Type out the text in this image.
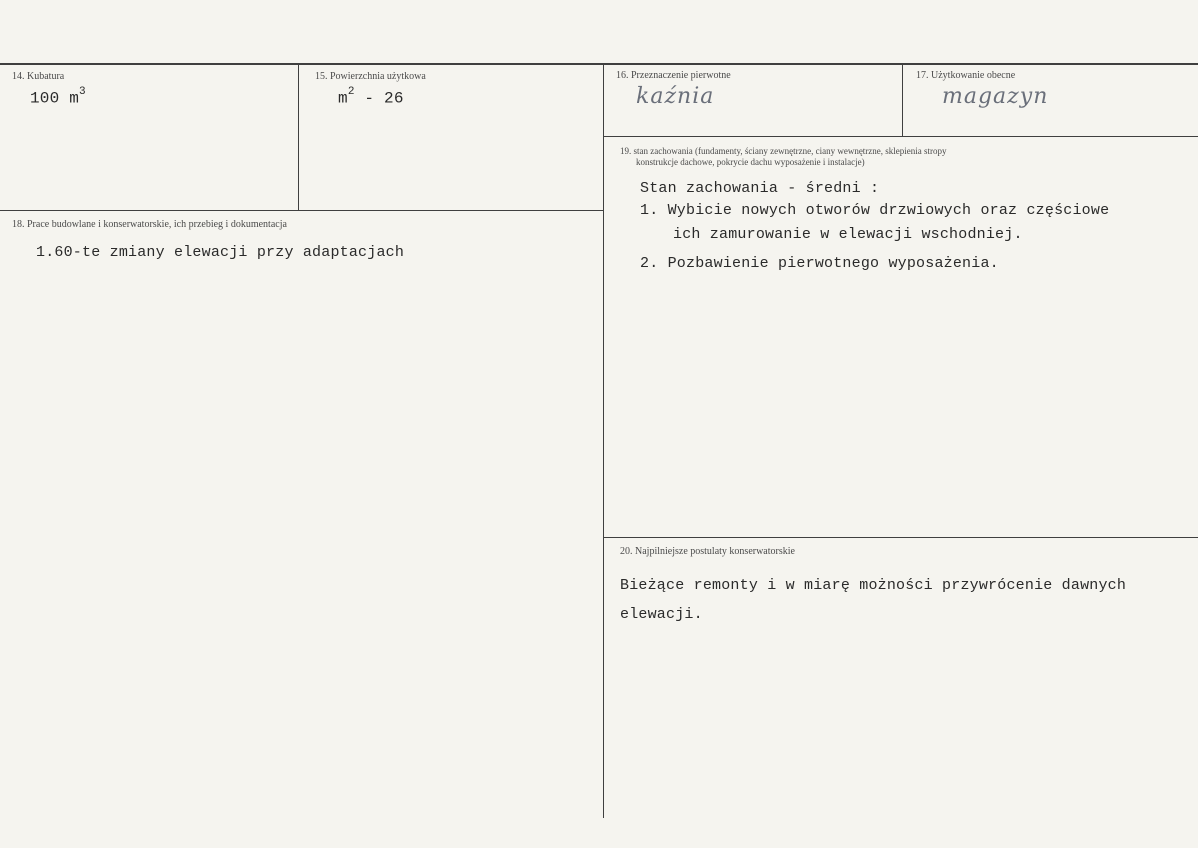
14. Kubatura
100 $m^3$
15. Powierzchnia użytkowa
$m^2 - 26$
16. Przeznaczenie pierwotne
kaźnia
17. Użytkowanie obecne
magazyn
18. Prace budowlane i konserwatorskie, ich przebieg i dokumentacja
1.60-te zmiany elewacji przy adaptacjach
19. stan zachowania (fundamenty, ściany zewnętrzne, ciany wewnętrzne, sklepienia stropy
konstrukcje dachowe, pokrycie dachu wyposażenie i instalacje)
Stan zachowania - średni :
1. Wybicie nowych otworów drzwiowych oraz częściowe
ich zamurowanie w elewacji wschodniej.
2. Pozbawienie pierwotnego wyposażenia.
20. Najpilniejsze postulaty konserwatorskie
Bieżące remonty i w miarę możności przywrócenie dawnych
elewacji.
